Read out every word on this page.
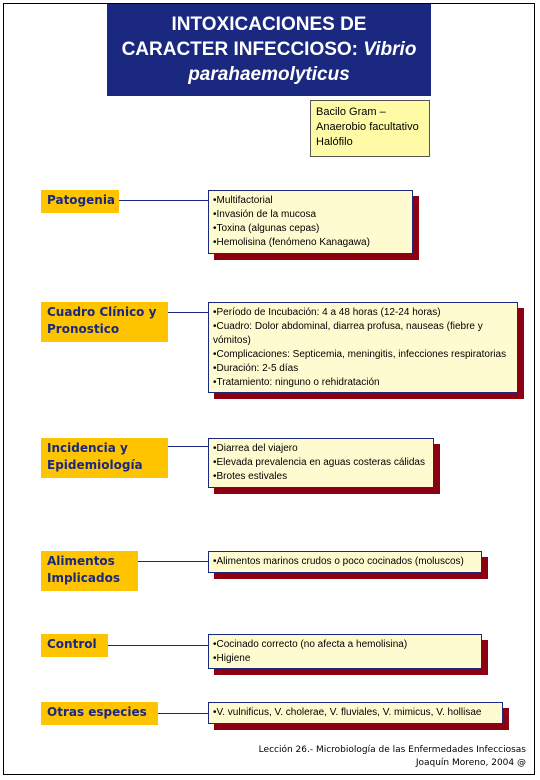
INTOXICACIONES DE
CARACTER INFECCIOSO: Vibrio
parahaemolyticus
Bacilo Gram –
Anaerobio facultativo
Halófilo
Patogenia	•Multifactorial
•Invasión de la mucosa
•Toxina (algunas cepas)
•Hemolisina (fenómeno Kanagawa)
Cuadro Clínico y
Pronostico
•Período de Incubación: 4 a 48 horas (12-24 horas)
•Cuadro: Dolor abdominal, diarrea profusa, nauseas (fiebre y vómitos)
•Complicaciones: Septicemia, meningitis, infecciones respiratorias
•Duración: 2-5 días
•Tratamiento: ninguno o rehidratación
Incidencia y
Epidemiología
•Diarrea del viajero
•Elevada prevalencia en aguas costeras cálidas
•Brotes estivales
Alimentos
Implicados
•Alimentos marinos crudos o poco cocinados (moluscos)
Control	•Cocinado correcto (no afecta a hemolisina)
•Higiene
Otras especies	•V. vulnificus, V. cholerae, V. fluviales, V. mimicus, V. hollisae
Lección 26.- Microbiología de las Enfermedades Infecciosas
Joaquín Moreno, 2004 @
